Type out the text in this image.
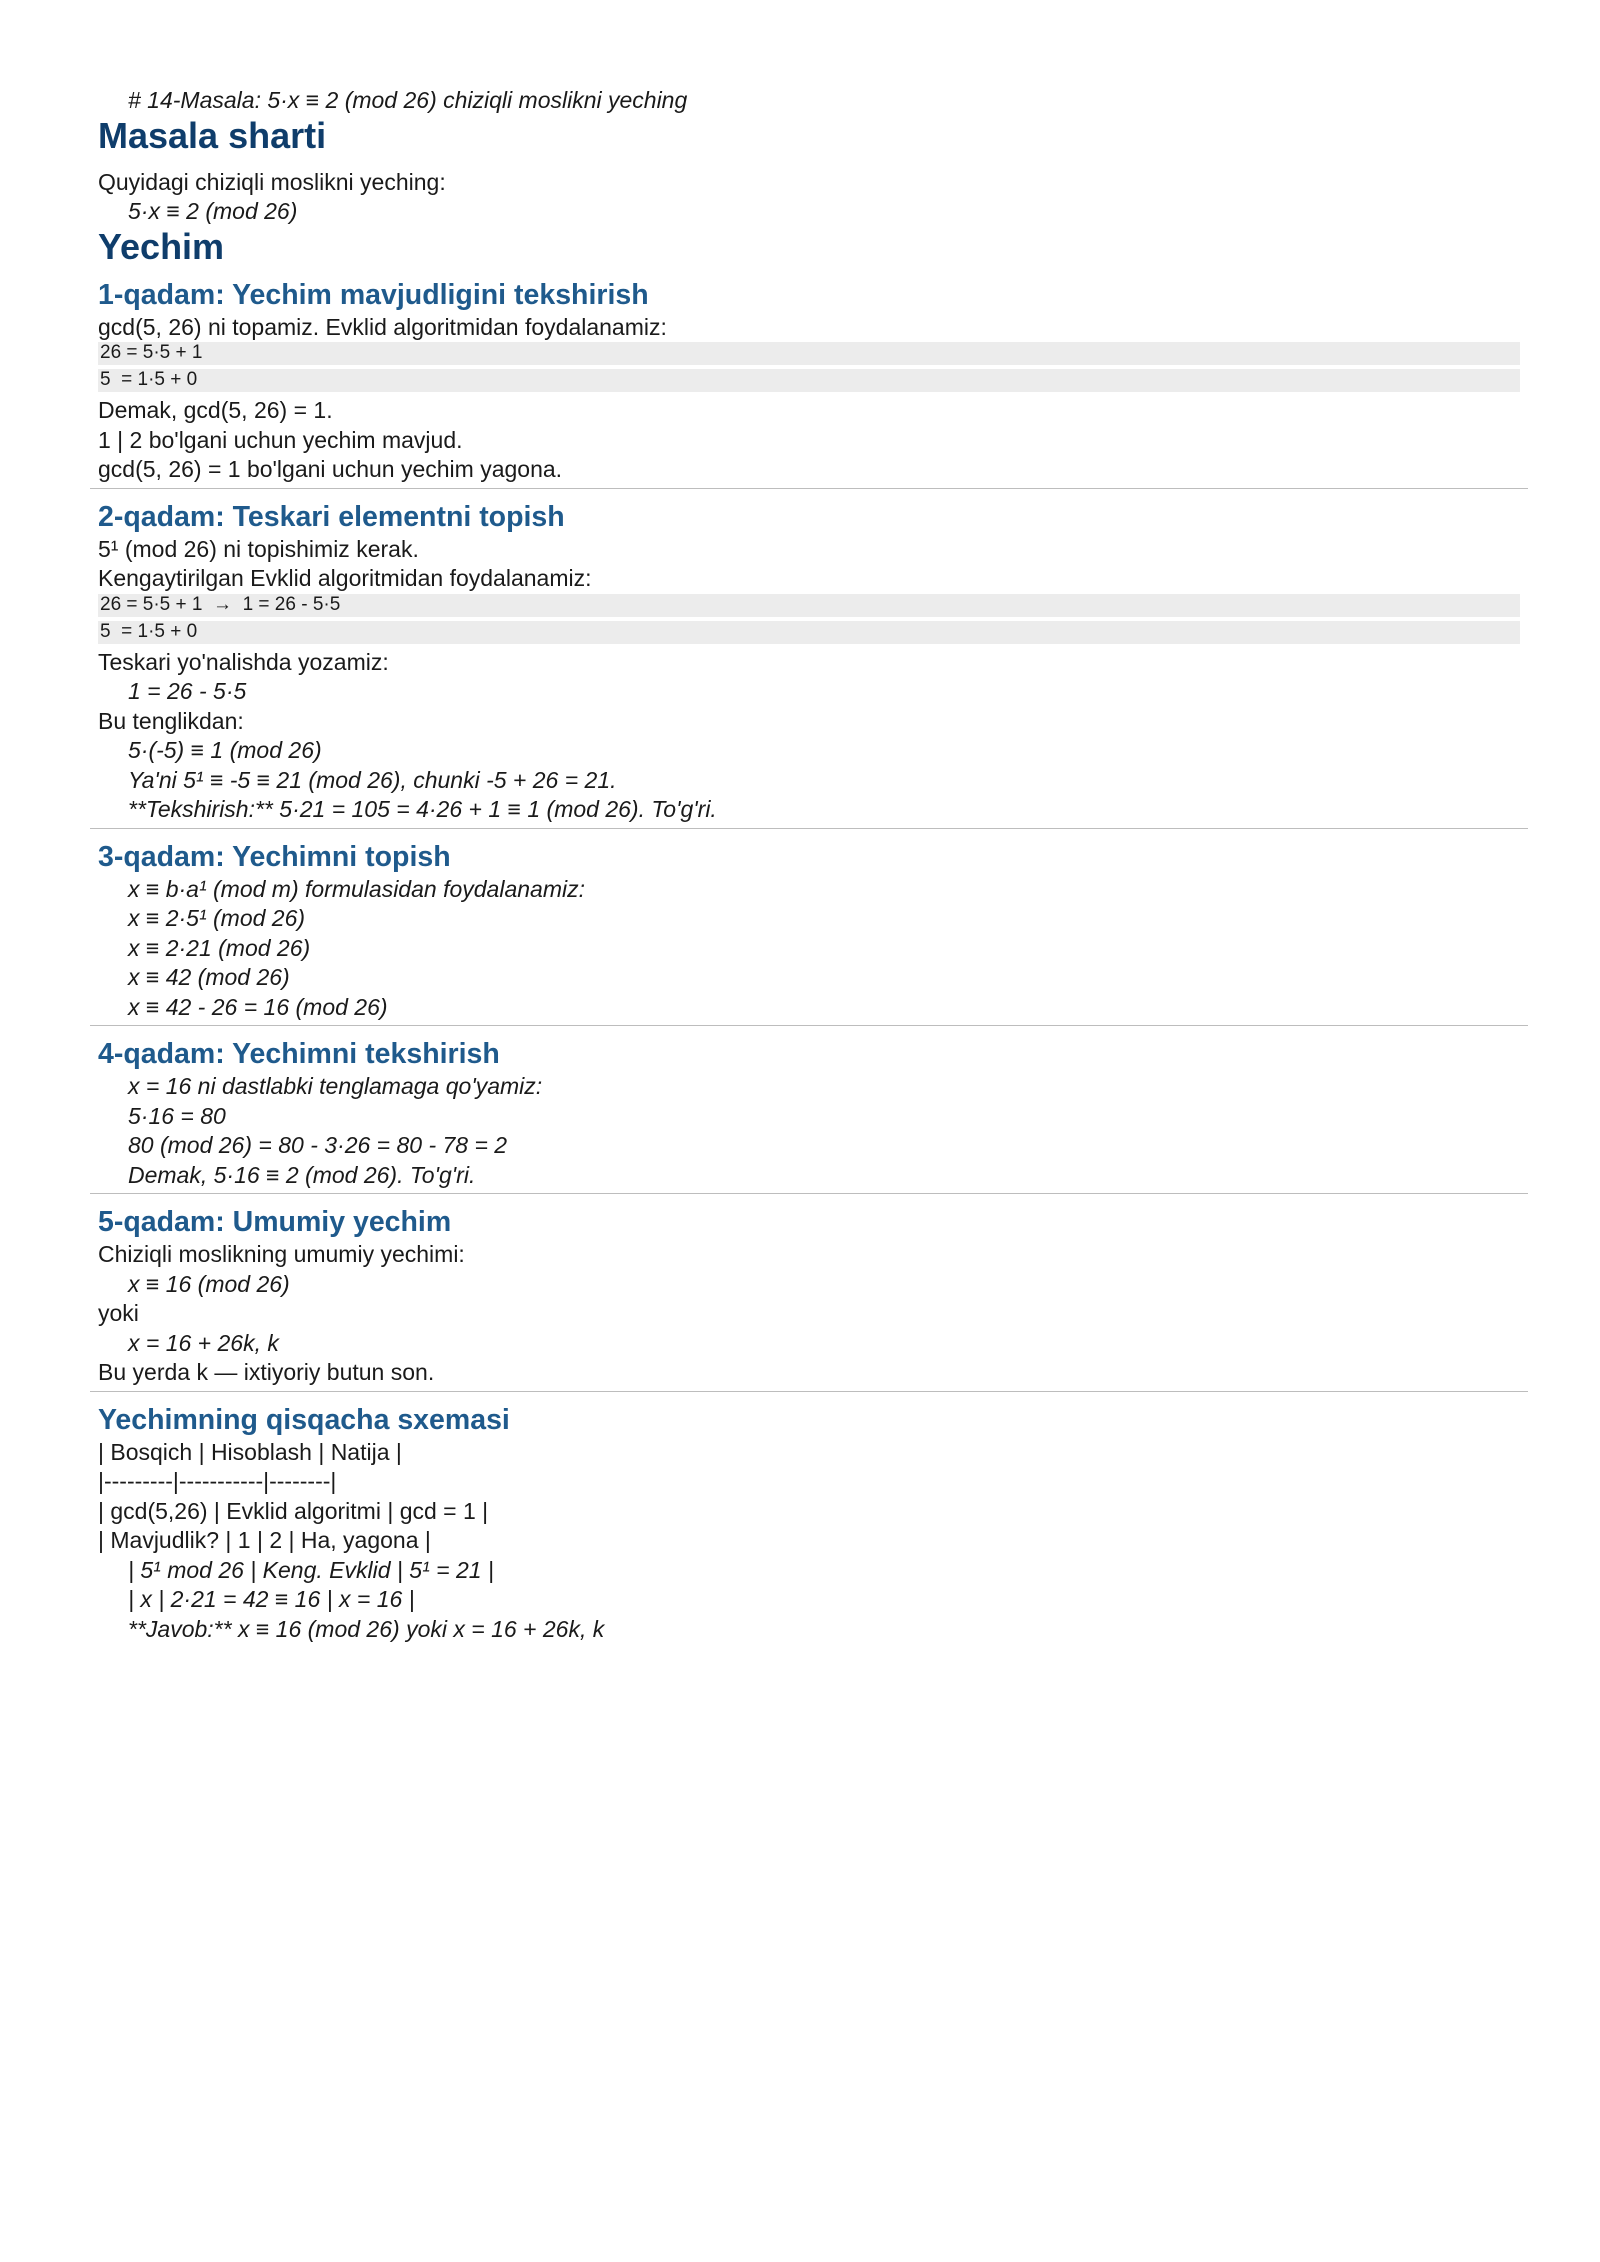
# 14-Masala: 5·x ≡ 2 (mod 26) chiziqli moslikni yeching
Masala sharti
Quyidagi chiziqli moslikni yeching:
5·x ≡ 2 (mod 26)
Yechim
1-qadam: Yechim mavjudligini tekshirish
gcd(5, 26) ni topamiz. Evklid algoritmidan foydalanamiz:
26 = 5·5 + 1
5  = 1·5 + 0
Demak, gcd(5, 26) = 1.
1 | 2 bo'lgani uchun yechim mavjud.
gcd(5, 26) = 1 bo'lgani uchun yechim yagona.
2-qadam: Teskari elementni topish
5¹ (mod 26) ni topishimiz kerak.
Kengaytirilgan Evklid algoritmidan foydalanamiz:
26 = 5·5 + 1  →  1 = 26 - 5·5
5  = 1·5 + 0
Teskari yo'nalishda yozamiz:
1 = 26 - 5·5
Bu tenglikdan:
5·(-5) ≡ 1 (mod 26)
Ya'ni 5¹ ≡ -5 ≡ 21 (mod 26), chunki -5 + 26 = 21.
**Tekshirish:** 5·21 = 105 = 4·26 + 1 ≡ 1 (mod 26). To'g'ri.
3-qadam: Yechimni topish
x ≡ b·a¹ (mod m) formulasidan foydalanamiz:
x ≡ 2·5¹ (mod 26)
x ≡ 2·21 (mod 26)
x ≡ 42 (mod 26)
x ≡ 42 - 26 = 16 (mod 26)
4-qadam: Yechimni tekshirish
x = 16 ni dastlabki tenglamaga qo'yamiz:
5·16 = 80
80 (mod 26) = 80 - 3·26 = 80 - 78 = 2
Demak, 5·16 ≡ 2 (mod 26). To'g'ri.
5-qadam: Umumiy yechim
Chiziqli moslikning umumiy yechimi:
x ≡ 16 (mod 26)
yoki
x = 16 + 26k, k
Bu yerda k — ixtiyoriy butun son.
Yechimning qisqacha sxemasi
| Bosqich | Hisoblash | Natija |
|---------|-----------|--------|
| gcd(5,26) | Evklid algoritmi | gcd = 1 |
| Mavjudlik? | 1 | 2 | Ha, yagona |
| 5¹ mod 26 | Keng. Evklid | 5¹ = 21 |
| x | 2·21 = 42 ≡ 16 | x = 16 |
**Javob:** x ≡ 16 (mod 26) yoki x = 16 + 26k, k
